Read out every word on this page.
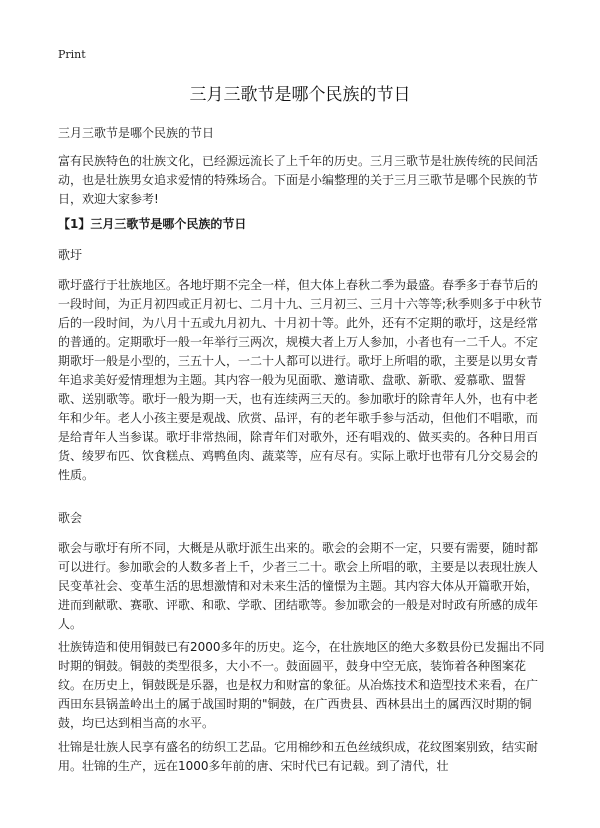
Print
三月三歌节是哪个民族的节日
三月三歌节是哪个民族的节日

富有民族特色的壮族文化，已经源远流长了上千年的历史。三月三歌节是壮族传统的民间活动，也是壮族男女追求爱情的特殊场合。下面是小编整理的关于三月三歌节是哪个民族的节日，欢迎大家参考!

【1】三月三歌节是哪个民族的节日
歌圩

歌圩盛行于壮族地区。各地圩期不完全一样，但大体上春秋二季为最盛。春季多于春节后的一段时间，为正月初四或正月初七、二月十九、三月初三、三月十六等等;秋季则多于中秋节后的一段时间，为八月十五或九月初九、十月初十等。此外，还有不定期的歌圩，这是经常的普通的。定期歌圩一般一年举行三两次，规模大者上万人参加，小者也有一二千人。不定期歌圩一般是小型的，三五十人，一二十人都可以进行。歌圩上所唱的歌，主要是以男女青年追求美好爱情理想为主题。其内容一般为见面歌、邀请歌、盘歌、新歌、爱慕歌、盟誓歌、送别歌等。歌圩一般为期一天，也有连续两三天的。参加歌圩的除青年人外，也有中老年和少年。老人小孩主要是观战、欣赏、品评，有的老年歌手参与活动，但他们不唱歌，而是给青年人当参谋。歌圩非常热闹，除青年们对歌外，还有唱戏的、做买卖的。各种日用百货、绫罗布匹、饮食糕点、鸡鸭鱼肉、蔬菜等，应有尽有。实际上歌圩也带有几分交易会的性质。

歌会

歌会与歌圩有所不同，大概是从歌圩派生出来的。歌会的会期不一定，只要有需要，随时都可以进行。参加歌会的人数多者上千，少者三二十。歌会上所唱的歌，主要是以表现壮族人民变革社会、变革生活的思想激情和对未来生活的憧憬为主题。其内容大体从开篇歌开始，进而到献歌、赛歌、评歌、和歌、学歌、团结歌等。参加歌会的一般是对时政有所感的成年人。

壮族铸造和使用铜鼓已有2000多年的历史。迄今，在壮族地区的绝大多数县份已发掘出不同时期的铜鼓。铜鼓的类型很多，大小不一。鼓面圆平，鼓身中空无底，装饰着各种图案花纹。在历史上，铜鼓既是乐器，也是权力和财富的象征。从冶炼技术和造型技术来看，在广西田东县锅盖岭出土的属于战国时期的"铜鼓，在广西贵县、西林县出土的属西汉时期的铜鼓，均已达到相当高的水平。

壮锦是壮族人民享有盛名的纺织工艺品。它用棉纱和五色丝绒织成，花纹图案别致，结实耐用。壮锦的生产，远在1000多年前的唐、宋时代已有记载。到了清代，壮
